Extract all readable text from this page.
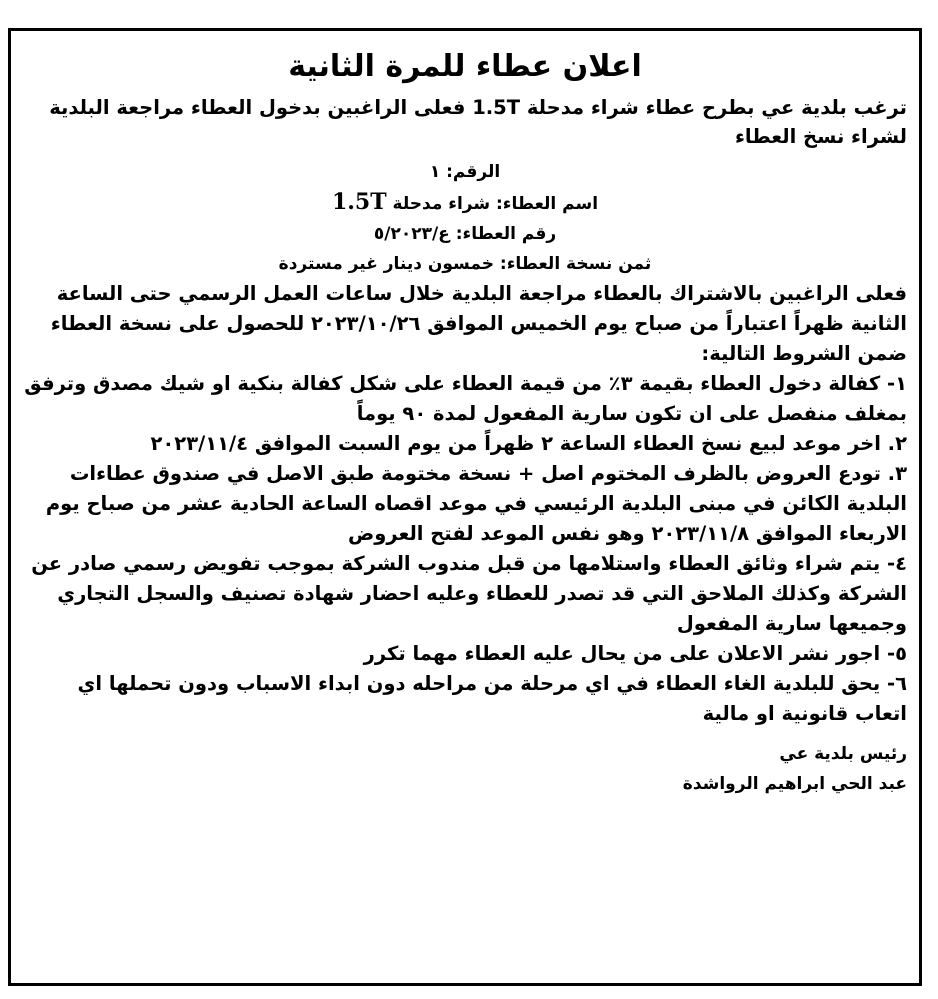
اعلان عطاء للمرة الثانية
ترغب بلدية عي بطرح عطاء شراء مدحلة 1.5T فعلى الراغبين بدخول العطاء مراجعة البلدية لشراء نسخ العطاء
الرقم: ١
اسم العطاء: شراء مدحلة 1.5T
رقم العطاء: ع/٥/٢٠٢٣
ثمن نسخة العطاء: خمسون دينار غير مستردة

فعلى الراغبين بالاشتراك بالعطاء مراجعة البلدية خلال ساعات العمل الرسمي حتى الساعة الثانية ظهراً اعتباراً من صباح يوم الخميس الموافق ٢٠٢٣/١٠/٢٦ للحصول على نسخة العطاء ضمن الشروط التالية:

١- كفالة دخول العطاء بقيمة ٣٪ من قيمة العطاء على شكل كفالة بنكية او شيك مصدق وترفق بمغلف منفصل على ان تكون سارية المفعول لمدة ٩٠ يوماً

٢. اخر موعد لبيع نسخ العطاء الساعة ٢ ظهراً من يوم السبت الموافق ٢٠٢٣/١١/٤

٣. تودع العروض بالظرف المختوم اصل + نسخة مختومة طبق الاصل في صندوق عطاءات البلدية الكائن في مبنى البلدية الرئيسي في موعد اقصاه الساعة الحادية عشر من صباح يوم الاربعاء الموافق ٢٠٢٣/١١/٨ وهو نفس الموعد لفتح العروض

٤- يتم شراء وثائق العطاء واستلامها من قبل مندوب الشركة بموجب تفويض رسمي صادر عن الشركة وكذلك الملاحق التي قد تصدر للعطاء وعليه احضار شهادة تصنيف والسجل التجاري وجميعها سارية المفعول

٥- اجور نشر الاعلان على من يحال عليه العطاء مهما تكرر

٦- يحق للبلدية الغاء العطاء في اي مرحلة من مراحله دون ابداء الاسباب ودون تحملها اي اتعاب قانونية او مالية

رئيس بلدية عي
عبد الحي ابراهيم الرواشدة
